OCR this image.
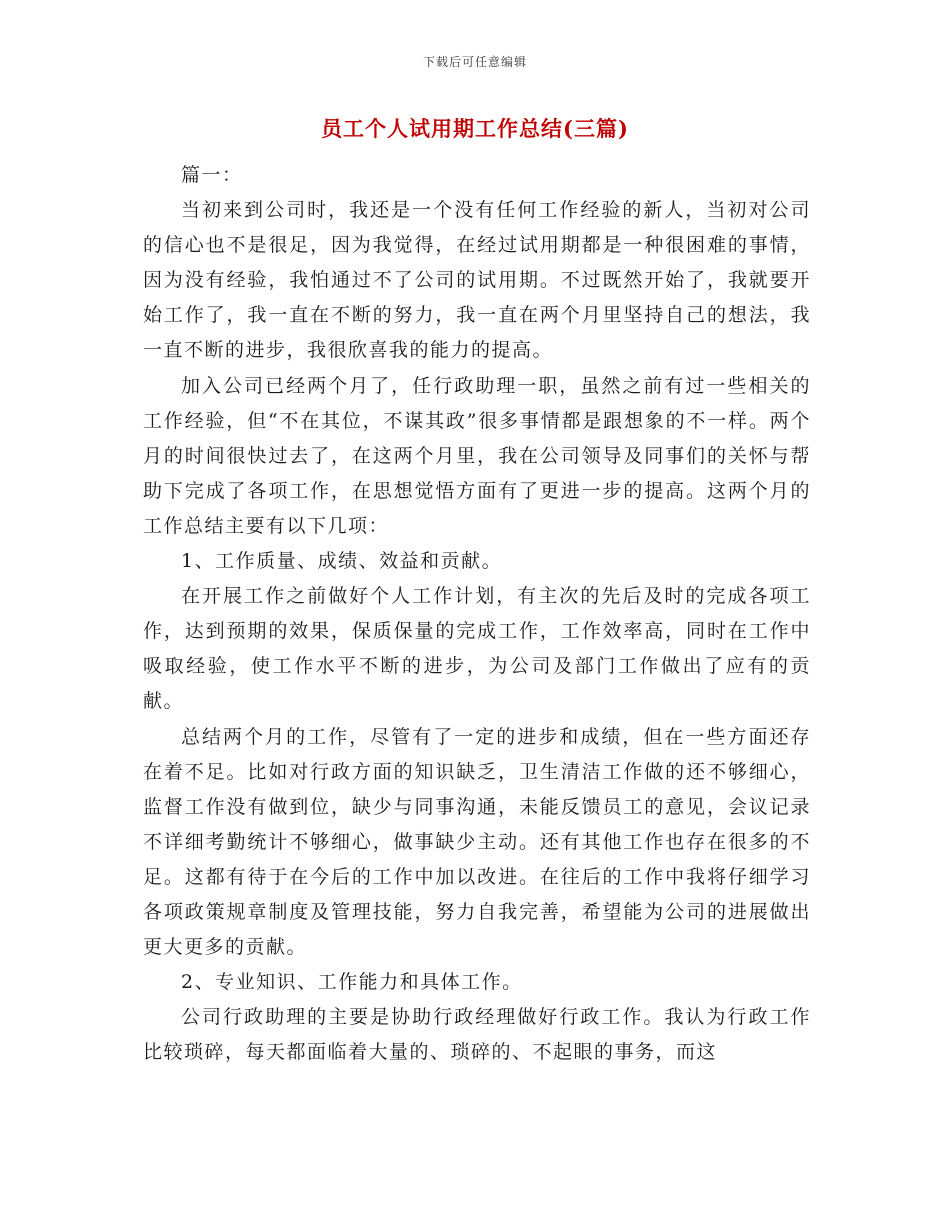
下载后可任意编辑
员工个人试用期工作总结(三篇)

篇一：

当初来到公司时，我还是一个没有任何工作经验的新人，当初对公司的信心也不是很足，因为我觉得，在经过试用期都是一种很困难的事情，因为没有经验，我怕通过不了公司的试用期。不过既然开始了，我就要开始工作了，我一直在不断的努力，我一直在两个月里坚持自己的想法，我一直不断的进步，我很欣喜我的能力的提高。

加入公司已经两个月了，任行政助理一职，虽然之前有过一些相关的工作经验，但“不在其位，不谋其政”很多事情都是跟想象的不一样。两个月的时间很快过去了，在这两个月里，我在公司领导及同事们的关怀与帮助下完成了各项工作，在思想觉悟方面有了更进一步的提高。这两个月的工作总结主要有以下几项：

1、工作质量、成绩、效益和贡献。

在开展工作之前做好个人工作计划，有主次的先后及时的完成各项工作，达到预期的效果，保质保量的完成工作，工作效率高，同时在工作中吸取经验，使工作水平不断的进步，为公司及部门工作做出了应有的贡献。

总结两个月的工作，尽管有了一定的进步和成绩，但在一些方面还存在着不足。比如对行政方面的知识缺乏，卫生清洁工作做的还不够细心，监督工作没有做到位，缺少与同事沟通，未能反馈员工的意见，会议记录不详细考勤统计不够细心，做事缺少主动。还有其他工作也存在很多的不足。这都有待于在今后的工作中加以改进。在往后的工作中我将仔细学习各项政策规章制度及管理技能，努力自我完善，希望能为公司的进展做出更大更多的贡献。

2、专业知识、工作能力和具体工作。

公司行政助理的主要是协助行政经理做好行政工作。我认为行政工作比较琐碎，每天都面临着大量的、琐碎的、不起眼的事务，而这
